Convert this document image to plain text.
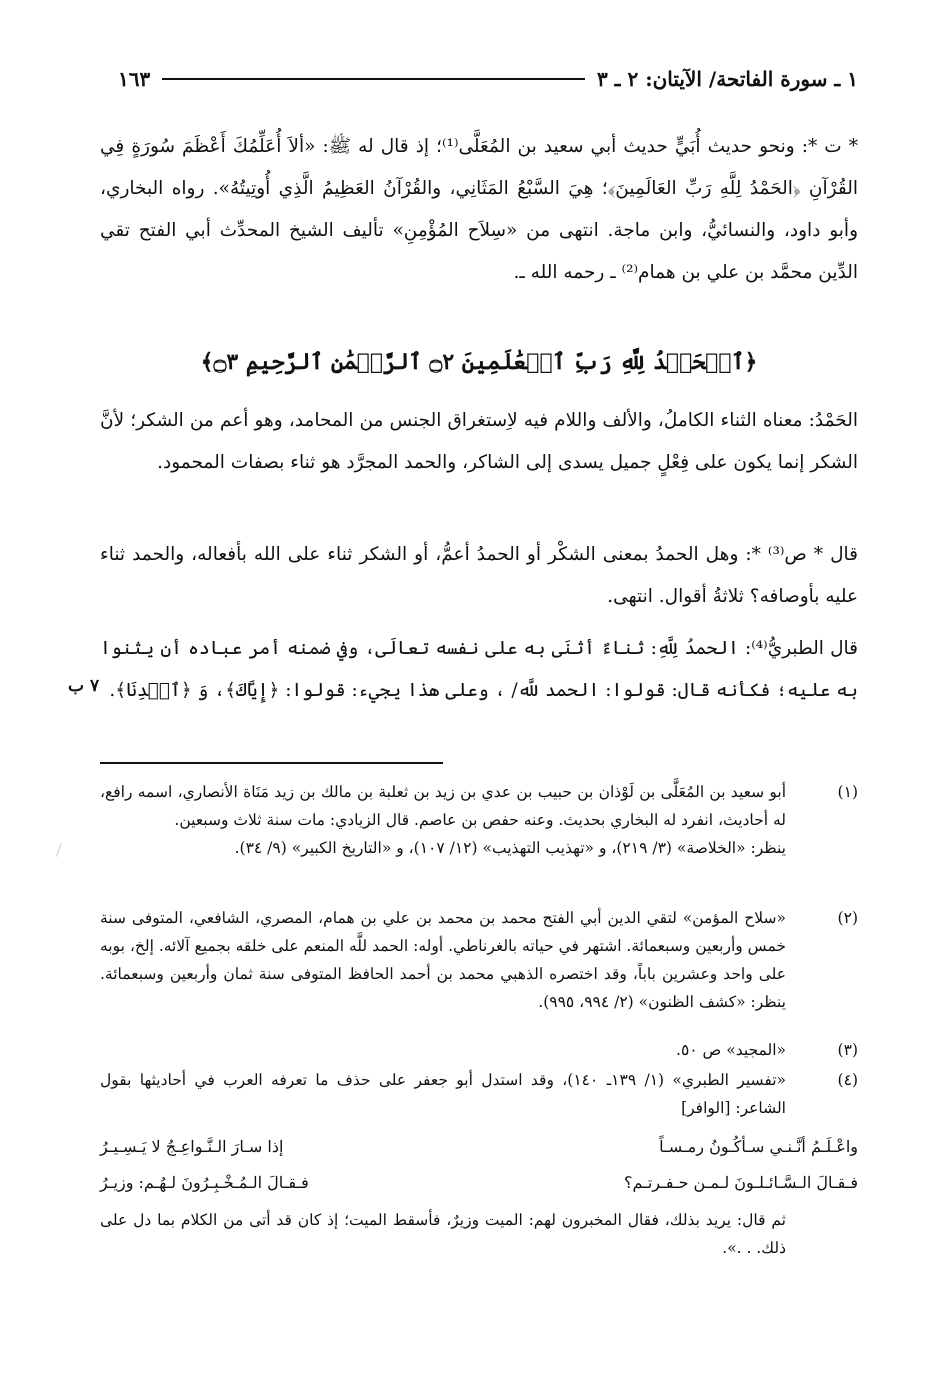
١ ـ سورة الفاتحة/ الآيتان: ٢ ـ ٣
١٦٣
* ت *: ونحو حديث أُبَيٍّ حديث أبي سعيد بن المُعَلَّى⁽¹⁾؛ إذ قال له ﷺ: «ألاَ أُعَلِّمُكَ أَعْظَمَ سُورَةٍ فِي القُرْآنِ ﴿الحَمْدُ لِلَّهِ رَبِّ العَالَمِينَ﴾؛ هِيَ السَّبْعُ المَثَانِي، والقُرْآنُ العَظِيمُ الَّذِي أُوتِيتُهُ». رواه البخاري، وأبو داود، والنسائيُّ، وابن ماجة. انتهى من «سِلاَح المُؤْمِنِ» تأليف الشيخ المحدِّث أبي الفتح تقي الدِّين محمَّد بن علي بن همام⁽²⁾ ـ رحمه الله ـ.
﴿ٱلۡحَمۡدُ لِلَّهِ رَبِّ ٱلۡعَٰلَمِينَ ۝٢ ٱلرَّحۡمَٰنِ ٱلرَّحِيمِ ۝٣﴾
الحَمْدُ: معناه الثناء الكاملُ، والألف واللام فيه لاِستغراق الجنس من المحامد، وهو أعم من الشكر؛ لأنَّ الشكر إنما يكون على فِعْلٍ جميل يسدى إلى الشاكر، والحمد المجرَّد هو ثناء بصفات المحمود.
قال * ص⁽³⁾ *: وهل الحمدُ بمعنى الشكْر أو الحمدُ أعمُّ، أو الشكر ثناء على الله بأفعاله، والحمد ثناء عليه بأوصافه؟ ثلاثةُ أقوال. انتهى.
قال الطبريُّ⁽⁴⁾: الحمدُ لِلَّهِ: ثناءٌ أثنَى به على نفسه تعالَى، وفي ضمنه أمر عباده أن يثنوا به عليه؛ فكأنه قال: قولوا: الحمد للَّه/ ، وعلى هذا يجيء: قولوا: ﴿إِيَّاكَ﴾، وَ ﴿ٱهۡدِنَا﴾.
٧ ب
(١)
أبو سعيد بن المُعَلَّى بن لَوْذان بن حبيب بن عدي بن زيد بن ثعلبة بن مالك بن زيد مَنَاة الأنصاري، اسمه رافع، له أحاديث، انفرد له البخاري بحديث. وعنه حفص بن عاصم. قال الزيادي: مات سنة ثلاث وسبعين.
ينظر: «الخلاصة» (٣/ ٢١٩)، و «تهذيب التهذيب» (١٢/ ١٠٧)، و «التاريخ الكبير» (٩/ ٣٤).
(٢)
«سلاح المؤمن» لتقي الدين أبي الفتح محمد بن محمد بن علي بن همام، المصري، الشافعي، المتوفى سنة خمس وأربعين وسبعمائة. اشتهر في حياته بالغرناطي. أوله: الحمد للَّه المنعم على خلقه بجميع آلائه. إلخ، بوبه على واحد وعشرين باباً، وقد اختصره الذهبي محمد بن أحمد الحافظ المتوفى سنة ثمان وأربعين وسبعمائة. ينظر: «كشف الظنون» (٢/ ٩٩٤، ٩٩٥).
(٣)
«المجيد» ص ٥٠.
(٤)
«تفسير الطبري» (١/ ١٣٩ـ ١٤٠)، وقد استدل أبو جعفر على حذف ما تعرفه العرب في أحاديثها بقول الشاعر: [الوافر]
واعْـلَـمُ أنَّـنـي سـأكُـونُ رمـسـاً
إذا سـارَ الـنَّـواعِـجُ لا يَـسِـيـرُ
فـقـالَ الـسَّـائـلـونَ لـمـن حـفـرتـم؟
فـقـالَ الـمُـخْـبِـرُونَ لـهُـم: وزيـرُ
ثم قال: يريد بذلك، فقال المخبرون لهم: الميت وزيرٌ، فأسقط الميت؛ إذ كان قد أتى من الكلام بما دل على ذلك. . .».
